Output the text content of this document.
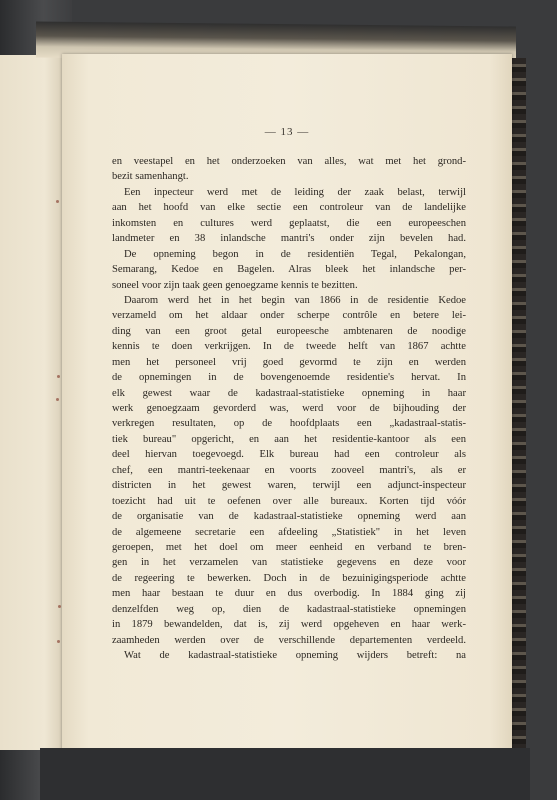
— 13 —
en veestapel en het onderzoeken van alles, wat met het grond-
bezit samenhangt.
Een inpecteur werd met de leiding der zaak belast, terwijl
aan het hoofd van elke sectie een controleur van de landelijke
inkomsten en cultures werd geplaatst, die een europeeschen
landmeter en 38 inlandsche mantri's onder zijn bevelen had.
De opneming begon in de residentiën Tegal, Pekalongan,
Semarang, Kedoe en Bagelen. Alras bleek het inlandsche per-
soneel voor zijn taak geen genoegzame kennis te bezitten.
Daarom werd het in het begin van 1866 in de residentie Kedoe
verzameld om het aldaar onder scherpe contrôle en betere lei-
ding van een groot getal europeesche ambtenaren de noodige
kennis te doen verkrijgen. In de tweede helft van 1867 achtte
men het personeel vrij goed gevormd te zijn en werden
de opnemingen in de bovengenoemde residentie's hervat. In
elk gewest waar de kadastraal-statistieke opneming in haar
werk genoegzaam gevorderd was, werd voor de bijhouding der
verkregen resultaten, op de hoofdplaats een „kadastraal-statis-
tiek bureau" opgericht, en aan het residentie-kantoor als een
deel hiervan toegevoegd. Elk bureau had een controleur als
chef, een mantri-teekenaar en voorts zooveel mantri's, als er
districten in het gewest waren, terwijl een adjunct-inspecteur
toezicht had uit te oefenen over alle bureaux. Korten tijd vóór
de organisatie van de kadastraal-statistieke opneming werd aan
de algemeene secretarie een afdeeling „Statistiek" in het leven
geroepen, met het doel om meer eenheid en verband te bren-
gen in het verzamelen van statistieke gegevens en deze voor
de regeering te bewerken. Doch in de bezuinigingsperiode achtte
men haar bestaan te duur en dus overbodig. In 1884 ging zij
denzelfden weg op, dien de kadastraal-statistieke opnemingen
in 1879 bewandelden, dat is, zij werd opgeheven en haar werk-
zaamheden werden over de verschillende departementen verdeeld.
Wat de kadastraal-statistieke opneming wijders betreft: na
